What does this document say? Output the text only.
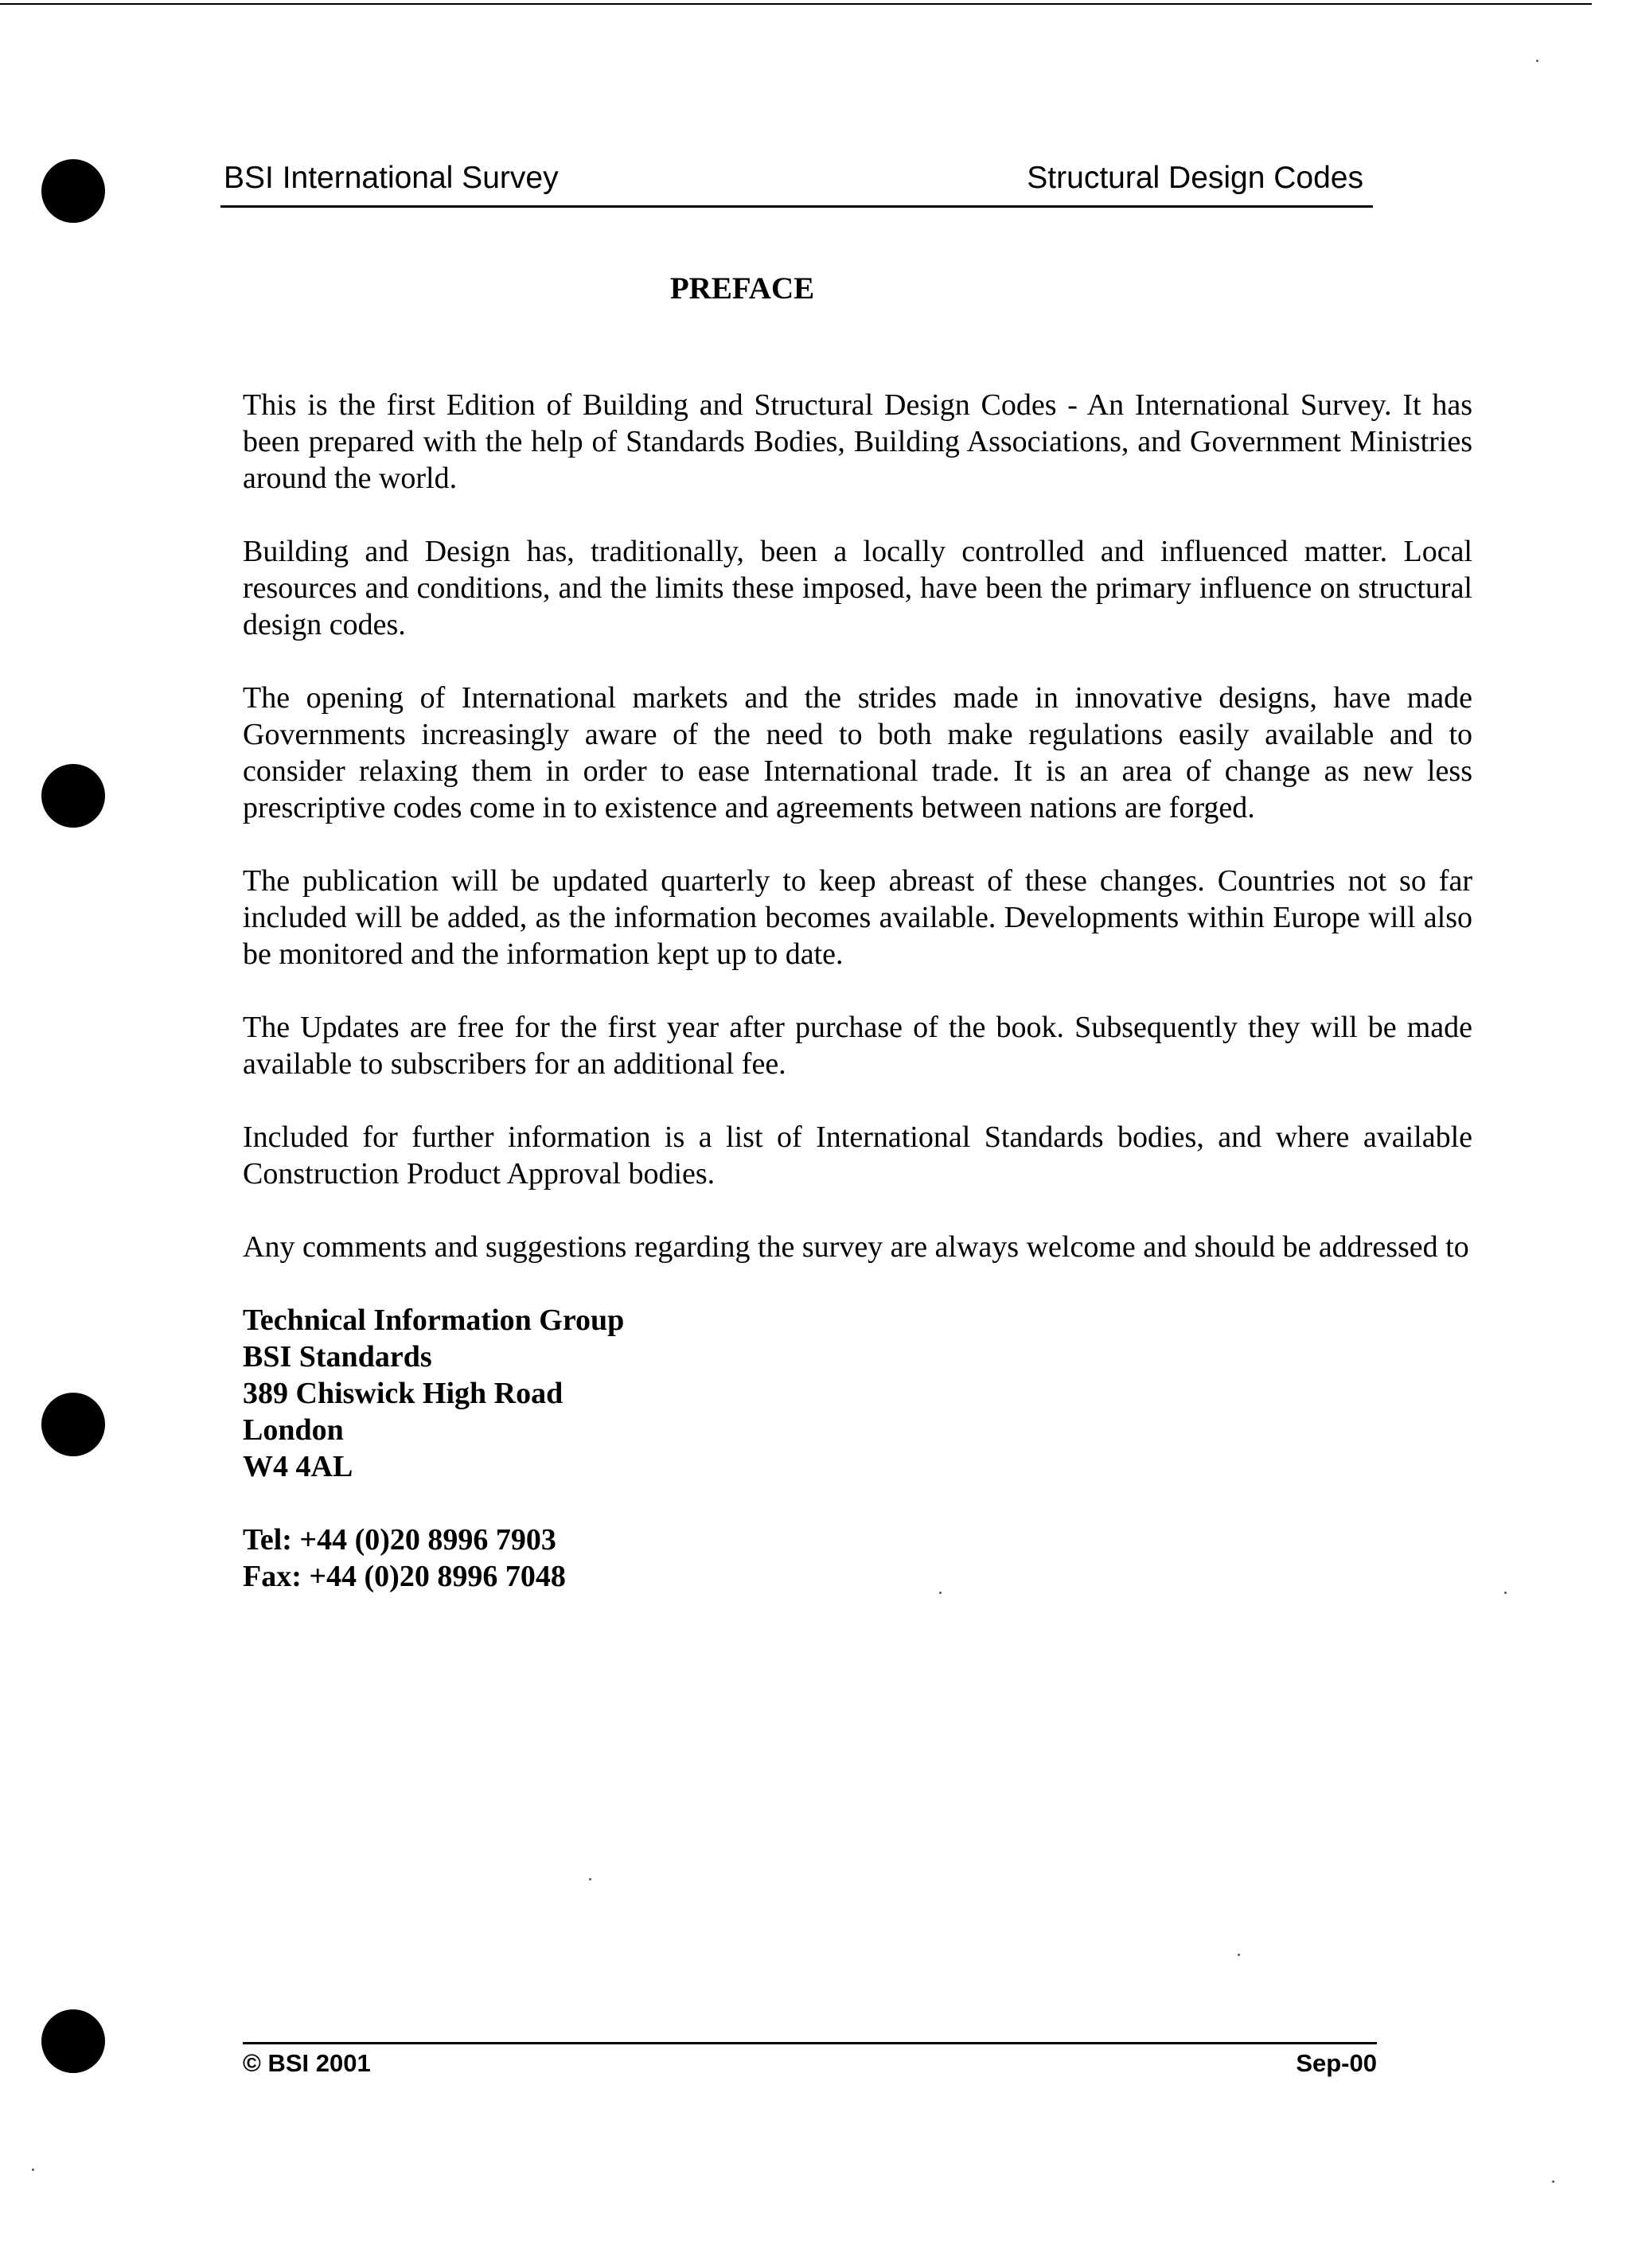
BSI International Survey	Structural Design Codes
PREFACE

This is the first Edition of Building and Structural Design Codes - An International Survey. It has been prepared with the help of Standards Bodies, Building Associations, and Government Ministries around the world.

Building and Design has, traditionally, been a locally controlled and influenced matter. Local resources and conditions, and the limits these imposed, have been the primary influence on structural design codes.

The opening of International markets and the strides made in innovative designs, have made Governments increasingly aware of the need to both make regulations easily available and to consider relaxing them in order to ease International trade. It is an area of change as new less prescriptive codes come in to existence and agreements between nations are forged.

The publication will be updated quarterly to keep abreast of these changes. Countries not so far included will be added, as the information becomes available. Developments within Europe will also be monitored and the information kept up to date.

The Updates are free for the first year after purchase of the book. Subsequently they will be made available to subscribers for an additional fee.

Included for further information is a list of International Standards bodies, and where available Construction Product Approval bodies.

Any comments and suggestions regarding the survey are always welcome and should be addressed to

Technical Information Group
BSI Standards
389 Chiswick High Road
London
W4 4AL
Tel: +44 (0)20 8996 7903
Fax: +44 (0)20 8996 7048
© BSI 2001	Sep-00
